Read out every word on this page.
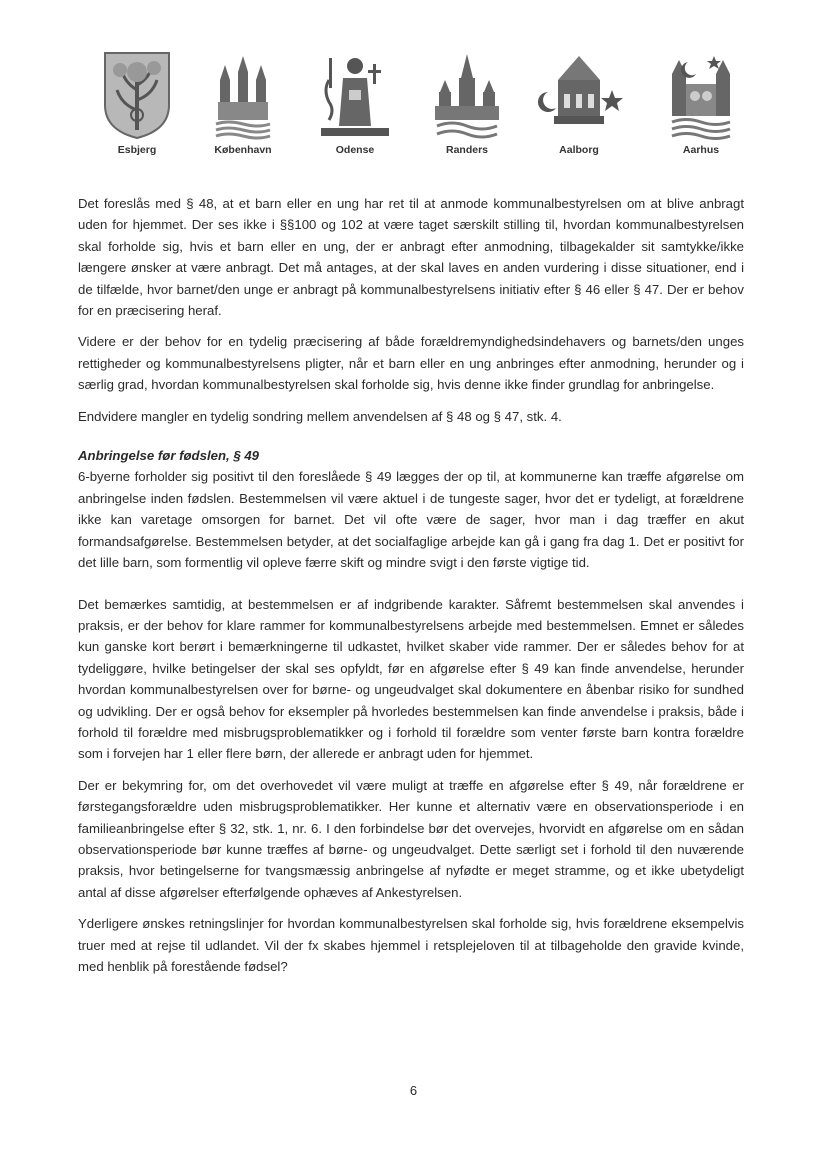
Esbjerg	København	Odense	Randers	Aalborg	Aarhus

Det foreslås med § 48, at et barn eller en ung har ret til at anmode kommunalbestyrelsen om at blive anbragt uden for hjemmet. Der ses ikke i §§100 og 102 at være taget særskilt stilling til, hvordan kommunalbestyrelsen skal forholde sig, hvis et barn eller en ung, der er anbragt efter anmodning, tilbagekalder sit samtykke/ikke længere ønsker at være anbragt. Det må antages, at der skal laves en anden vurdering i disse situationer, end i de tilfælde, hvor barnet/den unge er anbragt på kommunalbestyrelsens initiativ efter § 46 eller § 47. Der er behov for en præcisering heraf.

Videre er der behov for en tydelig præcisering af både forældremyndighedsindehavers og barnets/den unges rettigheder og kommunalbestyrelsens pligter, når et barn eller en ung anbringes efter anmodning, herunder og i særlig grad, hvordan kommunalbestyrelsen skal forholde sig, hvis denne ikke finder grundlag for anbringelse.

Endvidere mangler en tydelig sondring mellem anvendelsen af § 48 og § 47, stk. 4.

Anbringelse før fødslen, § 49

6-byerne forholder sig positivt til den foreslåede § 49 lægges der op til, at kommunerne kan træffe afgørelse om anbringelse inden fødslen. Bestemmelsen vil være aktuel i de tungeste sager, hvor det er tydeligt, at forældrene ikke kan varetage omsorgen for barnet. Det vil ofte være de sager, hvor man i dag træffer en akut formandsafgørelse. Bestemmelsen betyder, at det socialfaglige arbejde kan gå i gang fra dag 1. Det er positivt for det lille barn, som formentlig vil opleve færre skift og mindre svigt i den første vigtige tid.

Det bemærkes samtidig, at bestemmelsen er af indgribende karakter. Såfremt bestemmelsen skal anvendes i praksis, er der behov for klare rammer for kommunalbestyrelsens arbejde med bestemmelsen. Emnet er således kun ganske kort berørt i bemærkningerne til udkastet, hvilket skaber vide rammer. Der er således behov for at tydeliggøre, hvilke betingelser der skal ses opfyldt, før en afgørelse efter § 49 kan finde anvendelse, herunder hvordan kommunalbestyrelsen over for børne- og ungeudvalget skal dokumentere en åbenbar risiko for sundhed og udvikling. Der er også behov for eksempler på hvorledes bestemmelsen kan finde anvendelse i praksis, både i forhold til forældre med misbrugsproblematikker og i forhold til forældre som venter første barn kontra forældre som i forvejen har 1 eller flere børn, der allerede er anbragt uden for hjemmet.

Der er bekymring for, om det overhovedet vil være muligt at træffe en afgørelse efter § 49, når forældrene er førstegangsforældre uden misbrugsproblematikker. Her kunne et alternativ være en observationsperiode i en familieanbringelse efter § 32, stk. 1, nr. 6. I den forbindelse bør det overvejes, hvorvidt en afgørelse om en sådan observationsperiode bør kunne træffes af børne- og ungeudvalget. Dette særligt set i forhold til den nuværende praksis, hvor betingelserne for tvangsmæssig anbringelse af nyfødte er meget stramme, og et ikke ubetydeligt antal af disse afgørelser efterfølgende ophæves af Ankestyrelsen.

Yderligere ønskes retningslinjer for hvordan kommunalbestyrelsen skal forholde sig, hvis forældrene eksempelvis truer med at rejse til udlandet. Vil der fx skabes hjemmel i retsplejeloven til at tilbageholde den gravide kvinde, med henblik på forestående fødsel?

6
